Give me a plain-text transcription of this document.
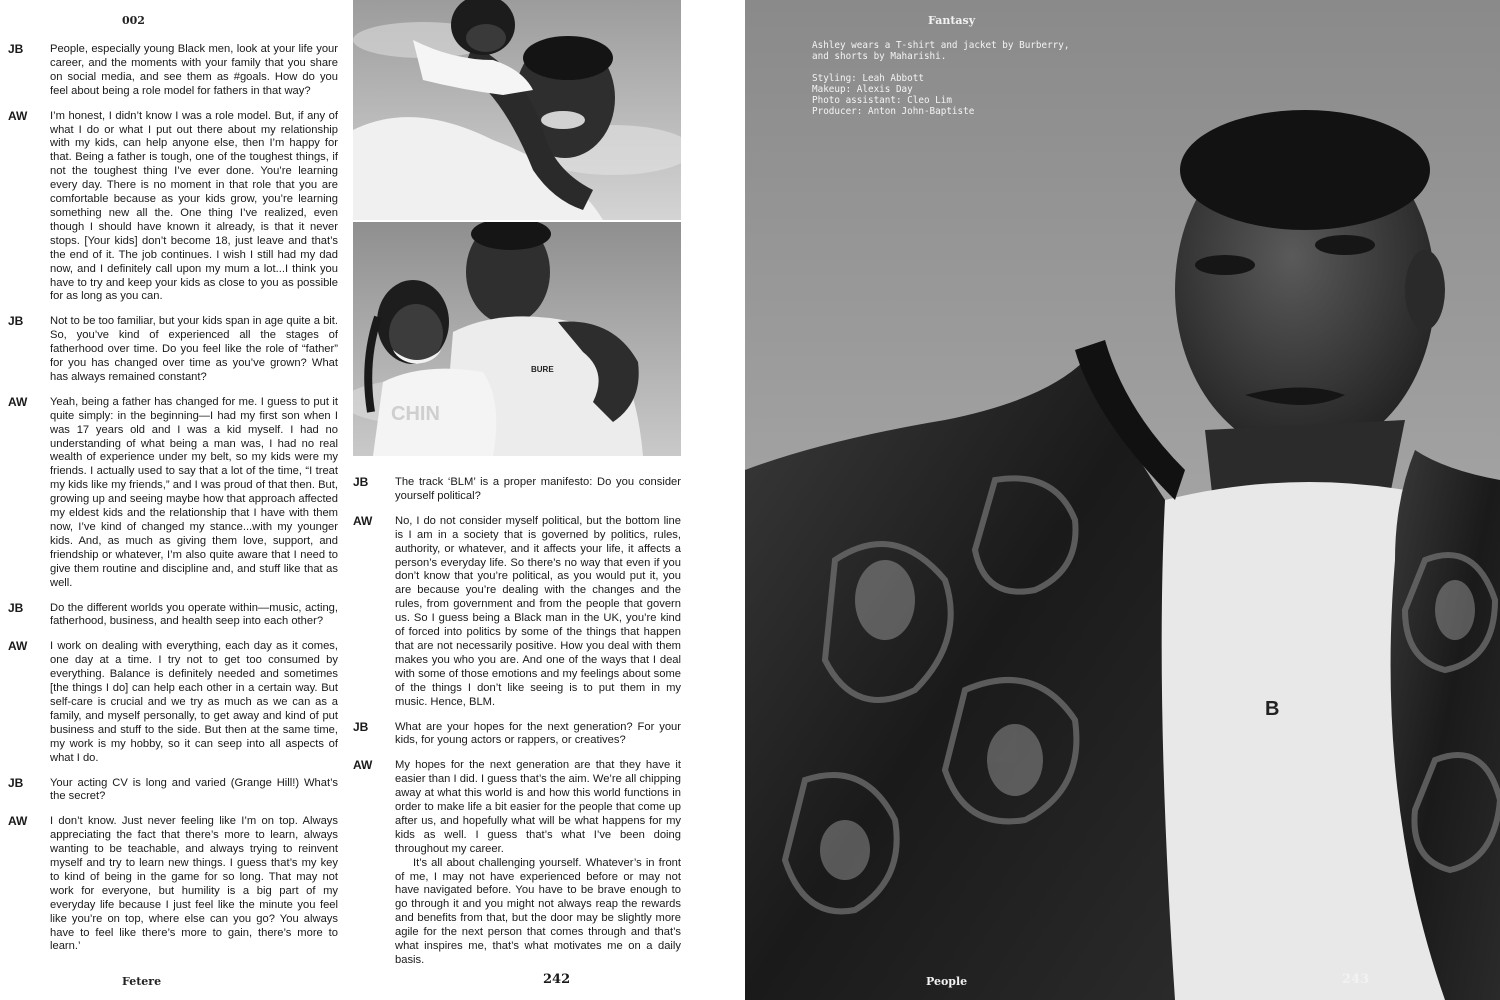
002
JB People, especially young Black men, look at your life your career, and the moments with your family that you share on social media, and see them as #goals. How do you feel about being a role model for fathers in that way?
AW I’m honest, I didn’t know I was a role model. But, if any of what I do or what I put out there about my relationship with my kids, can help anyone else, then I’m happy for that. Being a father is tough, one of the toughest things, if not the toughest thing I’ve ever done. You’re learning every day. There is no moment in that role that you are comfortable because as your kids grow, you’re learning something new all the. One thing I’ve realized, even though I should have known it already, is that it never stops. [Your kids] don’t become 18, just leave and that’s the end of it. The job continues. I wish I still had my dad now, and I definitely call upon my mum a lot...I think you have to try and keep your kids as close to you as possible for as long as you can.
JB Not to be too familiar, but your kids span in age quite a bit. So, you’ve kind of experienced all the stages of fatherhood over time. Do you feel like the role of “father” for you has changed over time as you’ve grown? What has always remained constant?
AW Yeah, being a father has changed for me. I guess to put it quite simply: in the beginning—I had my first son when I was 17 years old and I was a kid myself. I had no understanding of what being a man was, I had no real wealth of experience under my belt, so my kids were my friends. I actually used to say that a lot of the time, “I treat my kids like my friends,” and I was proud of that then. But, growing up and seeing maybe how that approach affected my eldest kids and the relationship that I have with them now, I’ve kind of changed my stance...with my younger kids. And, as much as giving them love, support, and friendship or whatever, I’m also quite aware that I need to give them routine and discipline and, and stuff like that as well.
JB Do the different worlds you operate within—music, acting, fatherhood, business, and health seep into each other?
AW I work on dealing with everything, each day as it comes, one day at a time. I try not to get too consumed by everything. Balance is definitely needed and sometimes [the things I do] can help each other in a certain way. But self-care is crucial and we try as much as we can as a family, and myself personally, to get away and kind of put business and stuff to the side. But then at the same time, my work is my hobby, so it can seep into all aspects of what I do.
JB Your acting CV is long and varied (Grange Hill!) What’s the secret?
AW I don’t know. Just never feeling like I’m on top. Always appreciating the fact that there’s more to learn, always wanting to be teachable, and always trying to reinvent myself and try to learn new things. I guess that’s my key to kind of being in the game for so long. That may not work for everyone, but humility is a big part of my everyday life because I just feel like the minute you feel like you’re on top, where else can you go? You always have to feel like there’s more to gain, there’s more to learn.’
BURE
CHIN
JB The track ‘BLM’ is a proper manifesto: Do you consider yourself political?
AW No, I do not consider myself political, but the bottom line is I am in a society that is governed by politics, rules, authority, or whatever, and it affects your life, it affects a person’s everyday life. So there’s no way that even if you don’t know that you’re political, as you would put it, you are because you’re dealing with the changes and the rules, from government and from the people that govern us. So I guess being a Black man in the UK, you’re kind of forced into politics by some of the things that happen that are not necessarily positive. How you deal with them makes you who you are. And one of the ways that I deal with some of those emotions and my feelings about some of the things I don’t like seeing is to put them in my music. Hence, BLM.
JB What are your hopes for the next generation? For your kids, for young actors or rappers, or creatives?
AW My hopes for the next generation are that they have it easier than I did. I guess that’s the aim. We’re all chipping away at what this world is and how this world functions in order to make life a bit easier for the people that come up after us, and hopefully what will be what happens for my kids as well. I guess that’s what I’ve been doing throughout my career.
It’s all about challenging yourself. Whatever’s in front of me, I may not have experienced before or may not have navigated before. You have to be brave enough to go through it and you might not always reap the rewards and benefits from that, but the door may be slightly more agile for the next person that comes through and that’s what inspires me, that’s what motivates me on a daily basis.
Fetere	242
B
Fantasy
Ashley wears a T-shirt and jacket by Burberry,
and shorts by Maharishi.
Styling: Leah Abbott
Makeup: Alexis Day
Photo assistant: Cleo Lim
Producer: Anton John-Baptiste
People	243
